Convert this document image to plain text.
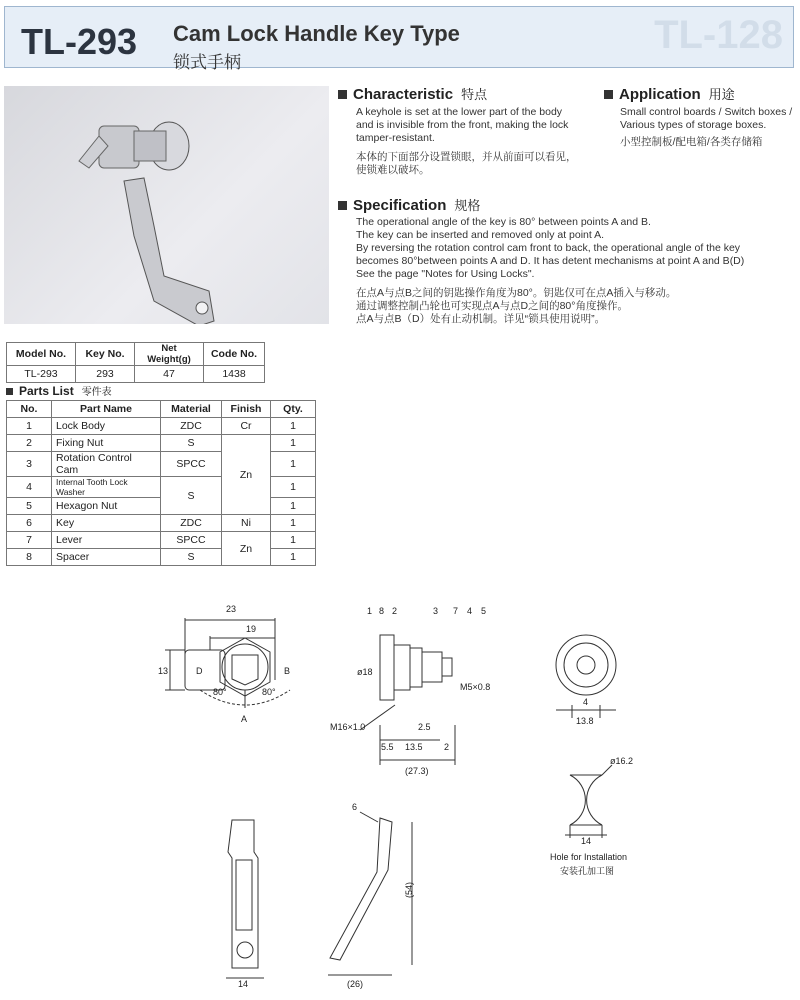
TL-293 Cam Lock Handle Key Type
锁式手柄
TL-128
Characteristic 特点
A keyhole is set at the lower part of the body
and is invisible from the front, making the lock
tamper-resistant.
本体的下面部分设置锁眼，并从前面可以看见，
使锁难以破坏。
Application 用途
Small control boards / Switch boxes /
Various types of storage boxes.
小型控制板/配电箱/各类存储箱
Specification 规格
The operational angle of the key is 80° between points A and B.
The key can be inserted and removed only at point A.
By reversing the rotation control cam front to back, the operational angle of the key
becomes 80°between points A and D. It has detent mechanisms at point A and B(D)
See the page "Notes for Using Locks".
在点A与点B之间的钥匙操作角度为80°。钥匙仅可在点A插入与移动。
通过调整控制凸轮也可实现点A与点D之间的80°角度操作。
点A与点B（D）处有止动机制。详见“锁具使用说明”。
Model No.	Key No.	Net Weight(g)	Code No.
TL-293	293	47	1438
Parts List 零件表
No.	Part Name	Material	Finish	Qty.
1	Lock Body	ZDC	Cr	1
2	Fixing Nut	S	Zn	1
3	Rotation Control Cam	SPCC		1
4	Internal Tooth Lock Washer	S		1
5	Hexagon Nut			1
6	Key	ZDC	Ni	1
7	Lever	SPCC	Zn	1
8	Spacer	S		1
23
19
13
80°	80°
A
B
D
1 8 2	3 7 4 5
ø18
M5×0.8
M16×1.0	2.5
5.5 13.5 2
(27.3)
4
13.8
ø16.2
14
Hole for Installation
安装孔加工图
14
6
(54)
(26)
